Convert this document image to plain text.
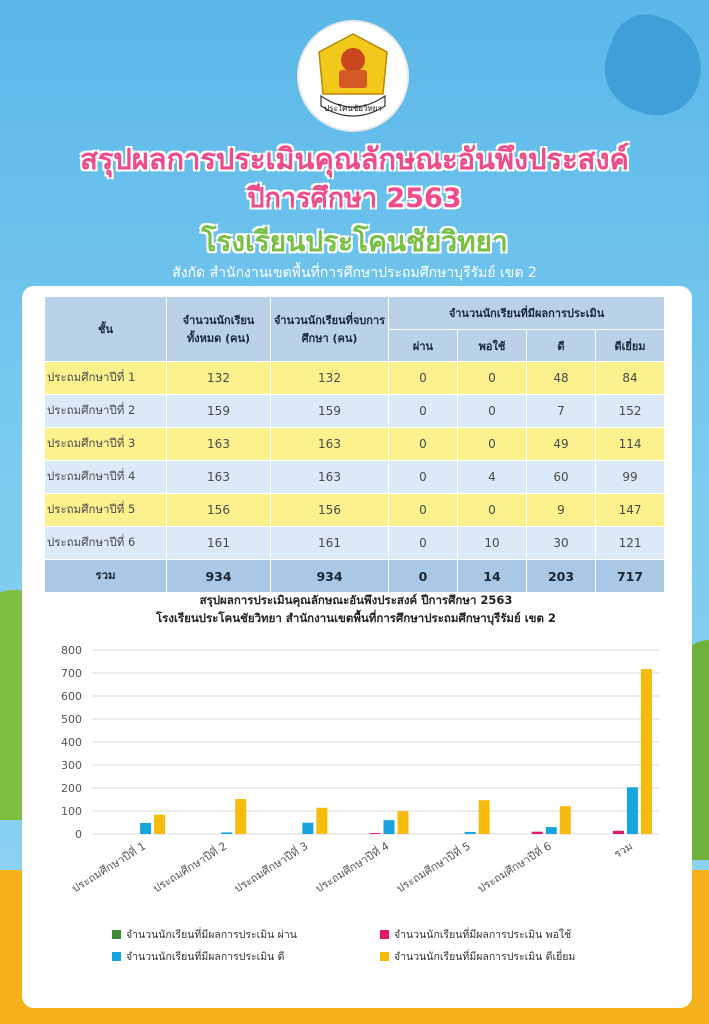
ประโคนชัยวิทยา
สรุปผลการประเมินคุณลักษณะอันพึงประสงค์
ปีการศึกษา 2563
โรงเรียนประโคนชัยวิทยา
สังกัด สำนักงานเขตพื้นที่การศึกษาประถมศึกษาบุรีรัมย์ เขต 2
ชั้น	จำนวนนักเรียนทั้งหมด (คน)	จำนวนนักเรียนที่จบการศึกษา (คน)	จำนวนนักเรียนที่มีผลการประเมิน			
			ผ่าน	พอใช้	ดี	ดีเยี่ยม
ประถมศึกษาปีที่ 1	132	132	0	0	48	84
ประถมศึกษาปีที่ 2	159	159	0	0	7	152
ประถมศึกษาปีที่ 3	163	163	0	0	49	114
ประถมศึกษาปีที่ 4	163	163	0	4	60	99
ประถมศึกษาปีที่ 5	156	156	0	0	9	147
ประถมศึกษาปีที่ 6	161	161	0	10	30	121
รวม	934	934	0	14	203	717
สรุปผลการประเมินคุณลักษณะอันพึงประสงค์ ปีการศึกษา 2563
โรงเรียนประโคนชัยวิทยา สำนักงานเขตพื้นที่การศึกษาประถมศึกษาบุรีรัมย์ เขต 2
0
100
200
300
400
500
600
700
800
ประถมศึกษาปีที่ 1 ประถมศึกษาปีที่ 2 ประถมศึกษาปีที่ 3 ประถมศึกษาปีที่ 4 ประถมศึกษาปีที่ 5 ประถมศึกษาปีที่ 6	รวม
จำนวนนักเรียนที่มีผลการประเมิน ผ่าน	จำนวนนักเรียนที่มีผลการประเมิน พอใช้
จำนวนนักเรียนที่มีผลการประเมิน ดี	จำนวนนักเรียนที่มีผลการประเมิน ดีเยี่ยม
